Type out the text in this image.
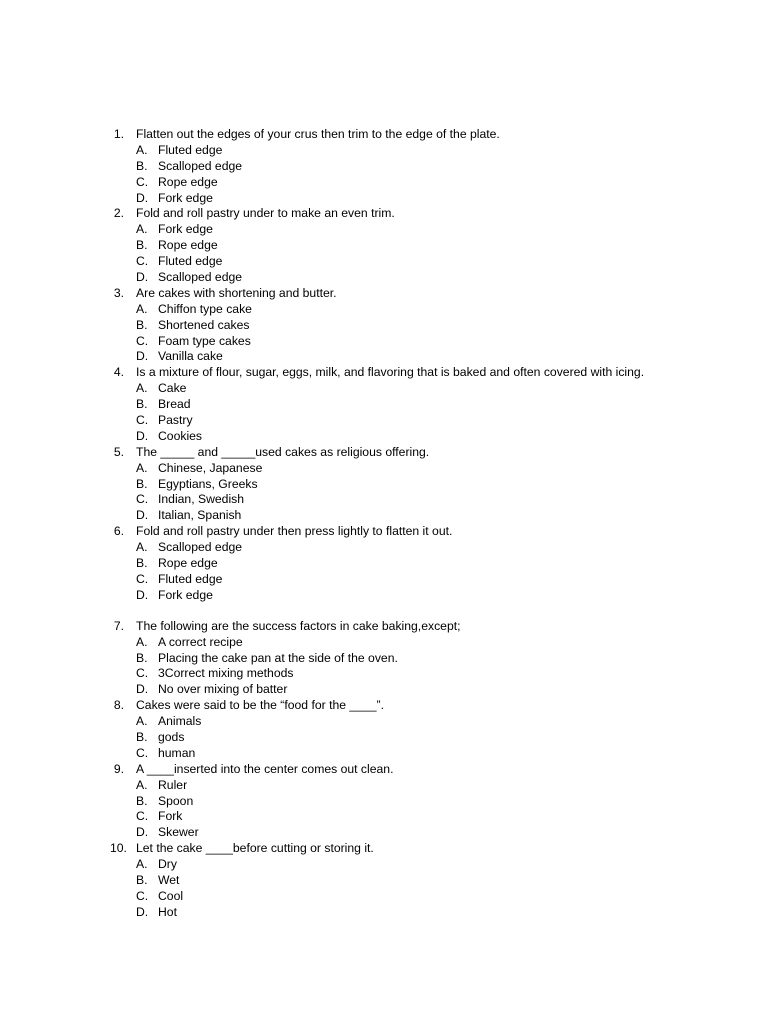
1. Flatten out the edges of your crus then trim to the edge of the plate.
A. Fluted edge
B. Scalloped edge
C. Rope edge
D. Fork edge
2. Fold and roll pastry under to make an even trim.
A. Fork edge
B. Rope edge
C. Fluted edge
D. Scalloped edge
3. Are cakes with shortening and butter.
A. Chiffon type cake
B. Shortened cakes
C. Foam type cakes
D. Vanilla cake
4. Is a mixture of flour, sugar, eggs, milk, and flavoring that is baked and often covered with icing.
A. Cake
B. Bread
C. Pastry
D. Cookies
5. The _____ and _____used cakes as religious offering.
A. Chinese, Japanese
B. Egyptians, Greeks
C. Indian, Swedish
D. Italian, Spanish
6. Fold and roll pastry under then press lightly to flatten it out.
A. Scalloped edge
B. Rope edge
C. Fluted edge
D. Fork edge
7. The following are the success factors in cake baking,except;
A. A correct recipe
B. Placing the cake pan at the side of the oven.
C. 3Correct mixing methods
D. No over mixing of batter
8. Cakes were said to be the “food for the ____”.
A. Animals
B. gods
C. human
9. A ____inserted into the center comes out clean.
A. Ruler
B. Spoon
C. Fork
D. Skewer
10. Let the cake ____before cutting or storing it.
A. Dry
B. Wet
C. Cool
D. Hot
